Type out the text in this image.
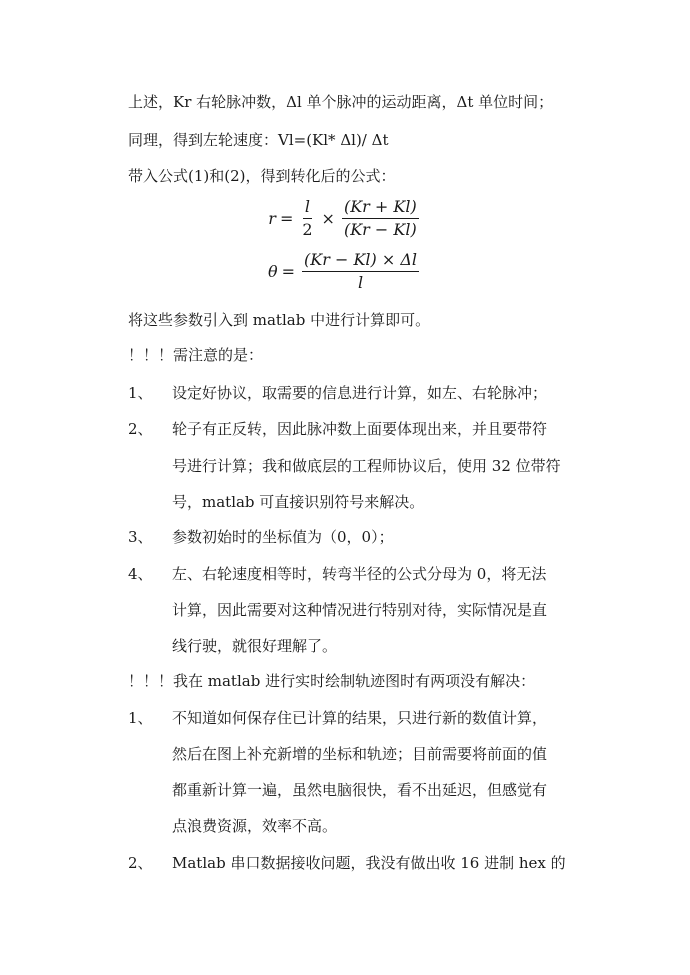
上述，Kr 右轮脉冲数，Δl 单个脉冲的运动距离，Δt 单位时间；
同理，得到左轮速度：Vl=(Kl* Δl)/ Δt
带入公式(1)和(2)，得到转化后的公式：
$r = \frac{l}{2} \times \frac{(Kr + Kl)}{(Kr - Kl)}$
$\theta = \frac{(Kr - Kl) \times \Delta l}{l}$
将这些参数引入到 matlab 中进行计算即可。
！！！需注意的是：
1、 设定好协议，取需要的信息进行计算，如左、右轮脉冲；
2、 轮子有正反转，因此脉冲数上面要体现出来，并且要带符
号进行计算；我和做底层的工程师协议后，使用 32 位带符
号，matlab 可直接识别符号来解决。
3、 参数初始时的坐标值为（0，0）；
4、 左、右轮速度相等时，转弯半径的公式分母为 0，将无法
计算，因此需要对这种情况进行特别对待，实际情况是直
线行驶，就很好理解了。
！！！我在 matlab 进行实时绘制轨迹图时有两项没有解决：
1、 不知道如何保存住已计算的结果，只进行新的数值计算，
然后在图上补充新增的坐标和轨迹；目前需要将前面的值
都重新计算一遍，虽然电脑很快，看不出延迟，但感觉有
点浪费资源，效率不高。
2、 Matlab 串口数据接收问题，我没有做出收 16 进制 hex 的
